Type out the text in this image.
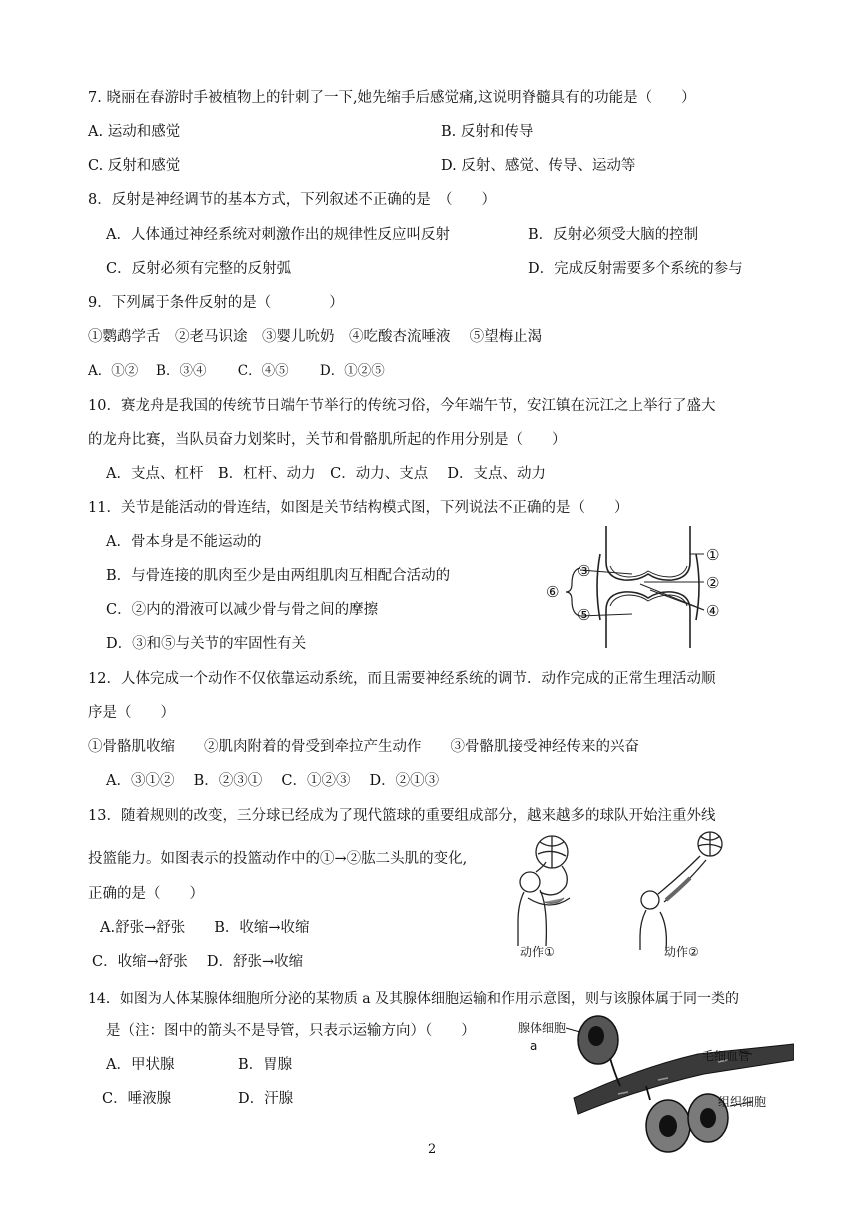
7. 晓丽在春游时手被植物上的针刺了一下,她先缩手后感觉痛,这说明脊髓具有的功能是（　　）
A. 运动和感觉	B. 反射和传导
C. 反射和感觉	D. 反射、感觉、传导、运动等
8．反射是神经调节的基本方式，下列叙述不正确的是　（　　）
A．人体通过神经系统对刺激作出的规律性反应叫反射	B．反射必须受大脑的控制
C．反射必须有完整的反射弧	D．完成反射需要多个系统的参与
9．下列属于条件反射的是（　　　　）
①鹦鹉学舌　②老马识途　③婴儿吮奶　④吃酸杏流唾液　 ⑤望梅止渴
A．①②　 B．③④　　 C．④⑤　　 D．①②⑤
10．赛龙舟是我国的传统节日端午节举行的传统习俗，今年端午节，安江镇在沅江之上举行了盛大
的龙舟比赛，当队员奋力划桨时，关节和骨骼肌所起的作用分别是（　　）
A．支点、杠杆　B．杠杆、动力　C．动力、支点　 D．支点、动力
11．关节是能活动的骨连结，如图是关节结构模式图，下列说法不正确的是（　　）
A．骨本身是不能运动的
B．与骨连接的肌肉至少是由两组肌肉互相配合活动的
C．②内的滑液可以减少骨与骨之间的摩擦
D．③和⑤与关节的牢固性有关
①
②
③
④
⑤
⑥
12．人体完成一个动作不仅依靠运动系统，而且需要神经系统的调节．动作完成的正常生理活动顺
序是（　　）
①骨骼肌收缩　　②肌肉附着的骨受到牵拉产生动作　　③骨骼肌接受神经传来的兴奋
A．③①②　 B．②③①　 C．①②③　 D．②①③
13．随着规则的改变，三分球已经成为了现代篮球的重要组成部分，越来越多的球队开始注重外线
投篮能力。如图表示的投篮动作中的①→②肱二头肌的变化,
正确的是（　　）
A.舒张→舒张　　B．收缩→收缩
C．收缩→舒张　 D．舒张→收缩
动作①	动作②
14．如图为人体某腺体细胞所分泌的某物质 a 及其腺体细胞运输和作用示意图，则与该腺体属于同一类的
是（注：图中的箭头不是导管，只表示运输方向）（　　）
A．甲状腺	B．胃腺
C．唾液腺	D．汗腺
腺体细胞
a
毛细血管
组织细胞
2
